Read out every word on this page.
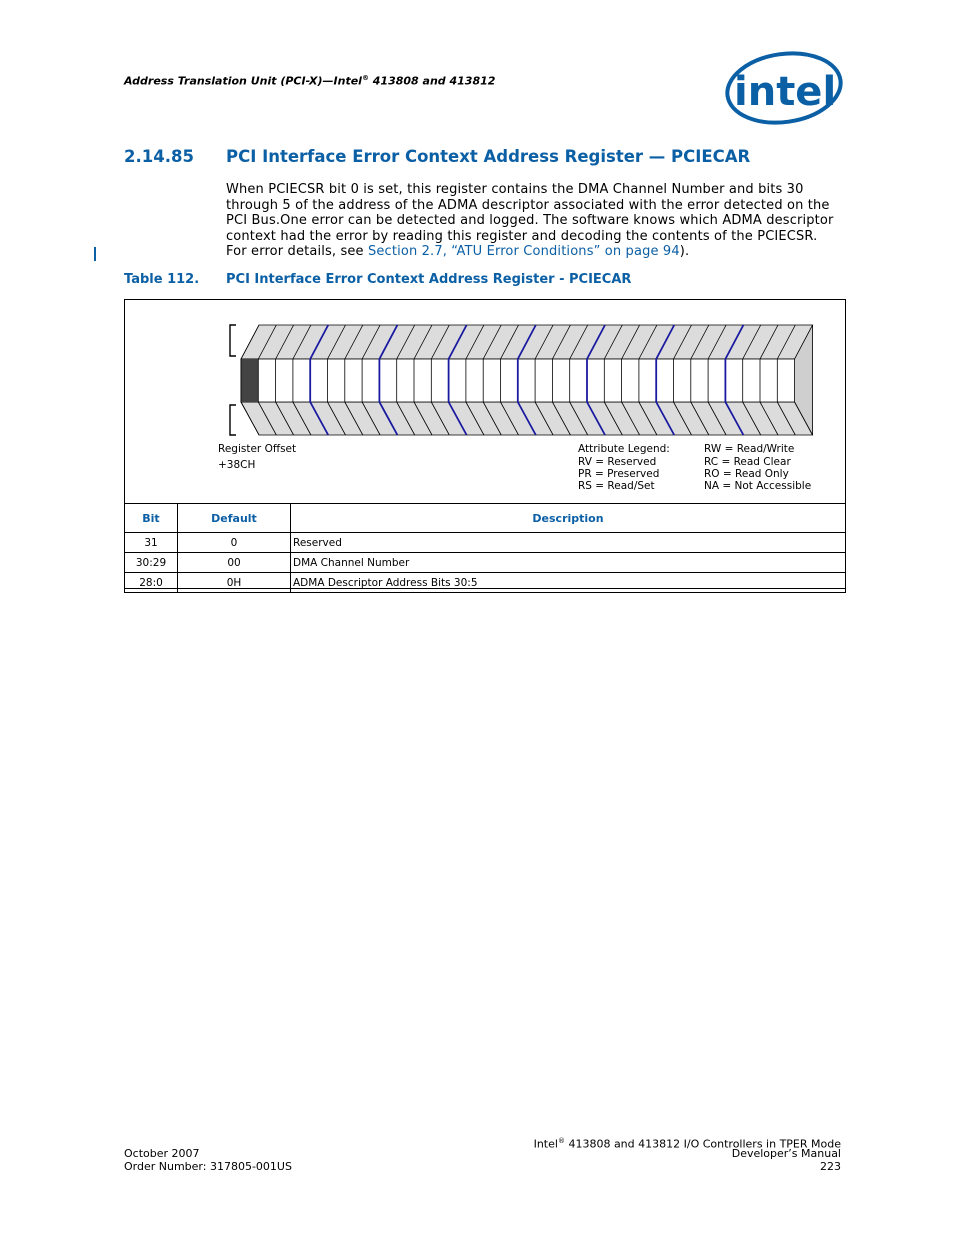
Address Translation Unit (PCI-X)—Intel® 413808 and 413812	intel
2.14.85 PCI Interface Error Context Address Register — PCIECAR
When PCIECSR bit 0 is set, this register contains the DMA Channel Number and bits 30 through 5 of the address of the ADMA descriptor associated with the error detected on the PCI Bus.One error can be detected and logged. The software knows which ADMA descriptor context had the error by reading this register and decoding the contents of the PCIECSR. For error details, see Section 2.7, “ATU Error Conditions” on page 94).
Table 112. PCI Interface Error Context Address Register - PCIECAR
Register Offset
+38CH
Attribute Legend:
RV = Reserved
PR = Preserved
RS = Read/Set
RW = Read/Write
RC = Read Clear
RO = Read Only
NA = Not Accessible
Bit	Default	Description
31	0	Reserved
30:29	00	DMA Channel Number
28:0	0H	ADMA Descriptor Address Bits 30:5
October 2007
Order Number: 317805-001US
Intel® 413808 and 413812 I/O Controllers in TPER Mode
Developer’s Manual
223
